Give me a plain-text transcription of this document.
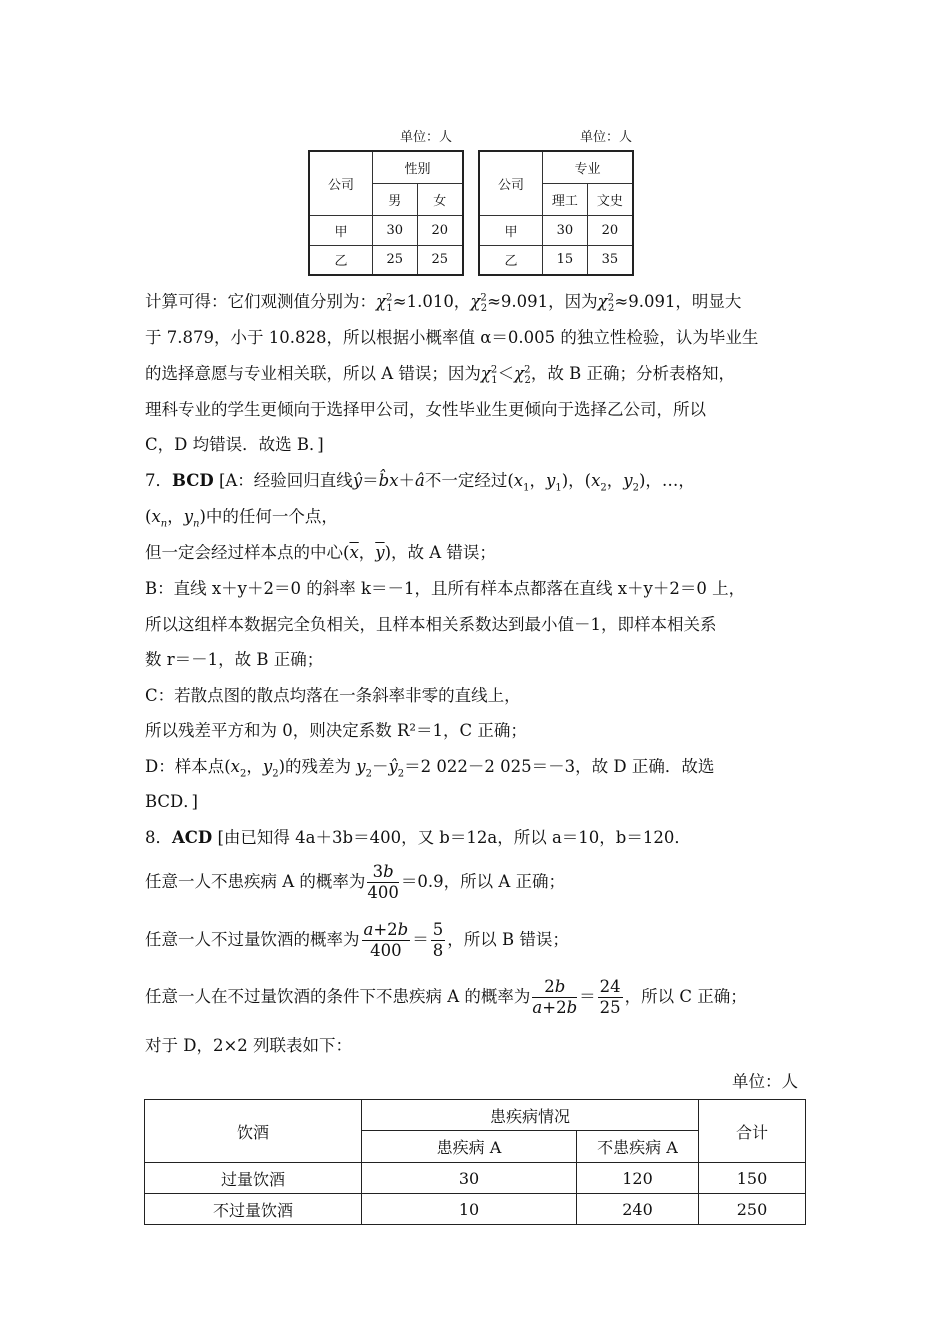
单位：人	单位：人
公司	性别	
	男	女
甲	30	20
乙	25	25
公司	专业	
	理工	文史
甲	30	20
乙	15	35
计算可得：它们观测值分别为：$\chi^2_1\approx 1.010$，$\chi^2_2\approx 9.091$，因为$\chi^2_2\approx 9.091$，明显大
于 7.879，小于 10.828，所以根据小概率值 α＝0.005 的独立性检验，认为毕业生
的选择意愿与专业相关联，所以 A 错误；因为$\chi^2_1<\chi^2_2$，故 B 正确；分析表格知，
理科专业的学生更倾向于选择甲公司，女性毕业生更倾向于选择乙公司，所以
C，D 均错误．故选 B．]
7．BCD [A：经验回归直线ŷ＝b̂x＋â不一定经过($x_1$，$y_1$)，($x_2$，$y_2$)，…，
($x_n$，$y_n$)中的任何一个点，
但一定会经过样本点的中心($\overline{x}$，$\overline{y}$)，故 A 错误；
B：直线 x＋y＋2＝0 的斜率 k＝－1，且所有样本点都落在直线 x＋y＋2＝0 上，
所以这组样本数据完全负相关，且样本相关系数达到最小值－1，即样本相关系
数 r＝－1，故 B 正确；
C：若散点图的散点均落在一条斜率非零的直线上，
所以残差平方和为 0，则决定系数 R²＝1，C 正确；
D：样本点($x_2$，$y_2$)的残差为 $y_2-ŷ_2=2$ 022－2 025＝－3，故 D 正确．故选
BCD．]
8．ACD [由已知得 4a＋3b＝400，又 b＝12a，所以 a＝10，b＝120．
任意一人不患疾病 A 的概率为 $\frac{3b}{400} =0.9$，所以 A 正确；
任意一人不过量饮酒的概率为 $\frac{a+2b}{400} = \frac{5}{8}$ ，所以 B 错误；
任意一人在不过量饮酒的条件下不患疾病 A 的概率为 $\frac{2b}{a+2b} = \frac{24}{25}$ ，所以 C 正确；
对于 D，2×2 列联表如下：
单位：人
饮酒	患疾病情况		合计
	患疾病 A	不患疾病 A	
过量饮酒	30	120	150
不过量饮酒	10	240	250
